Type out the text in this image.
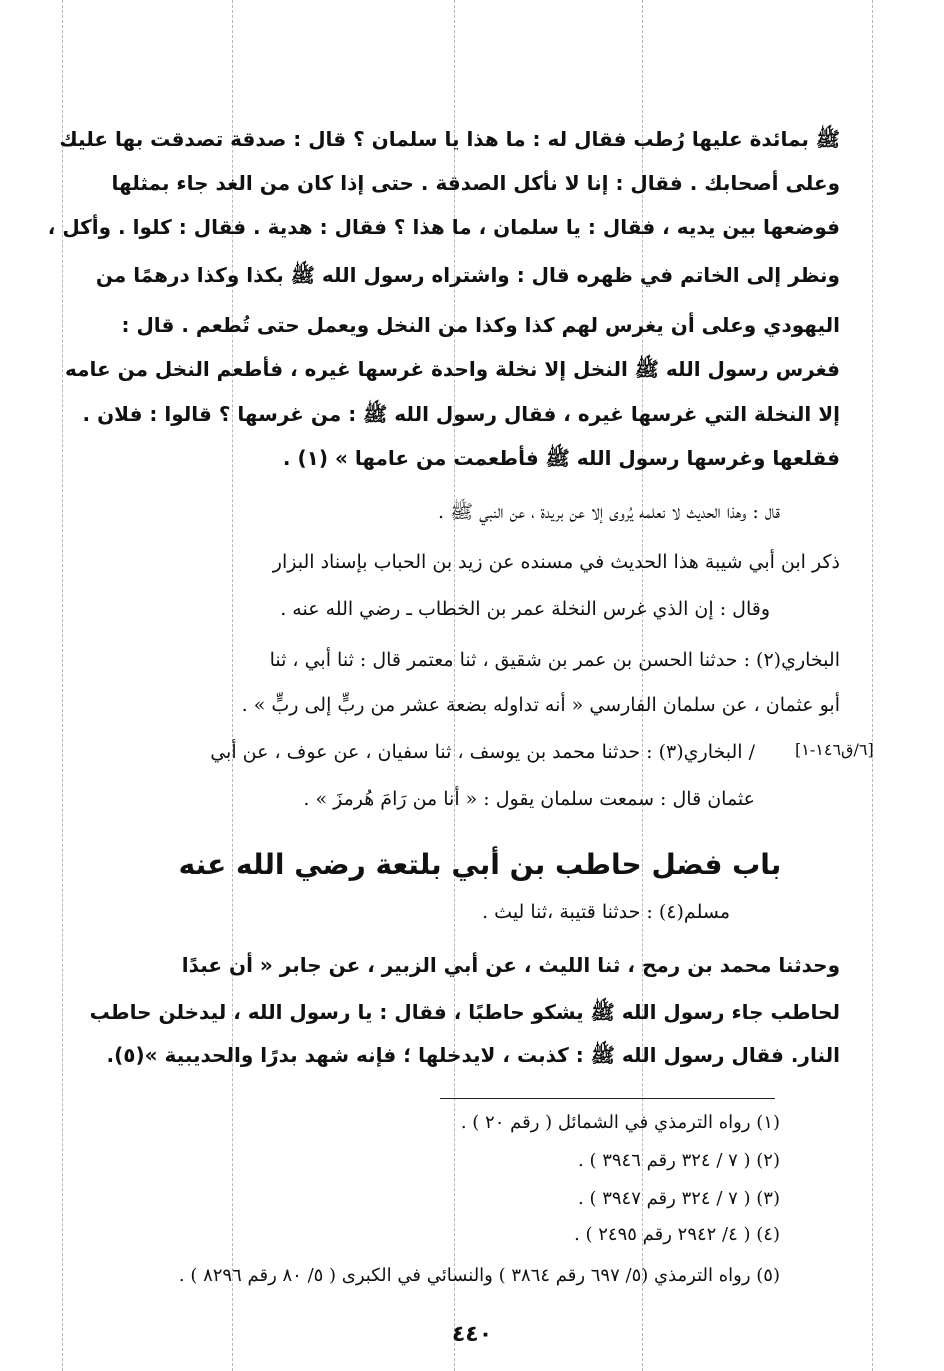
ﷺ بمائدة عليها رُطب فقال له : ما هذا يا سلمان ؟ قال : صدقة تصدقت بها عليك
وعلى أصحابك . فقال : إنا لا نأكل الصدقة . حتى إذا كان من الغد جاء بمثلها
فوضعها بين يديه ، فقال : يا سلمان ، ما هذا ؟ فقال : هدية . فقال : كلوا . وأكل ،
ونظر إلى الخاتم في ظهره قال : واشتراه رسول الله ﷺ بكذا وكذا درهمًا من
اليهودي وعلى أن يغرس لهم كذا وكذا من النخل ويعمل حتى تُطعم . قال :
فغرس رسول الله ﷺ النخل إلا نخلة واحدة غرسها غيره ، فأطعم النخل من عامه
إلا النخلة التي غرسها غيره ، فقال رسول الله ﷺ : من غرسها ؟ قالوا : فلان .
فقلعها وغرسها رسول الله ﷺ فأطعمت من عامها » (١) .
قال : وهذا الحديث لا نعلمه يُروى إلا عن بريدة ، عن النبي ﷺ .
ذكر ابن أبي شيبة هذا الحديث في مسنده عن زيد بن الحباب بإسناد البزار
وقال : إن الذي غرس النخلة عمر بن الخطاب ـ رضي الله عنه .
البخاري(٢) : حدثنا الحسن بن عمر بن شقيق ، ثنا معتمر قال : ثنا أبي ، ثنا
أبو عثمان ، عن سلمان الفارسي « أنه تداوله بضعة عشر من ربٍّ إلى ربٍّ » .
/ البخاري(٣) : حدثنا محمد بن يوسف ، ثنا سفيان ، عن عوف ، عن أبي
عثمان قال : سمعت سلمان يقول : « أنا من رَامَ هُرمزَ » .
[٦/ق١٤٦-١]
باب فضل حاطب بن أبي بلتعة رضي الله عنه
مسلم(٤) : حدثنا قتيبة ،ثنا ليث .
وحدثنا محمد بن رمح ، ثنا الليث ، عن أبي الزبير ، عن جابر « أن عبدًا
لحاطب جاء رسول الله ﷺ يشكو حاطبًا ، فقال : يا رسول الله ، ليدخلن حاطب
النار. فقال رسول الله ﷺ : كذبت ، لايدخلها ؛ فإنه شهد بدرًا والحديبية »(٥).
(١) رواه الترمذي في الشمائل ( رقم ٢٠ ) .
(٢) ( ٧ / ٣٢٤ رقم ٣٩٤٦ ) .
(٣) ( ٧ / ٣٢٤ رقم ٣٩٤٧ ) .
(٤) ( ٤/ ٢٩٤٢ رقم ٢٤٩٥ ) .
(٥) رواه الترمذي (٥/ ٦٩٧ رقم ٣٨٦٤ ) والنسائي في الكبرى ( ٥/ ٨٠ رقم ٨٢٩٦ ) .
٤٤٠
